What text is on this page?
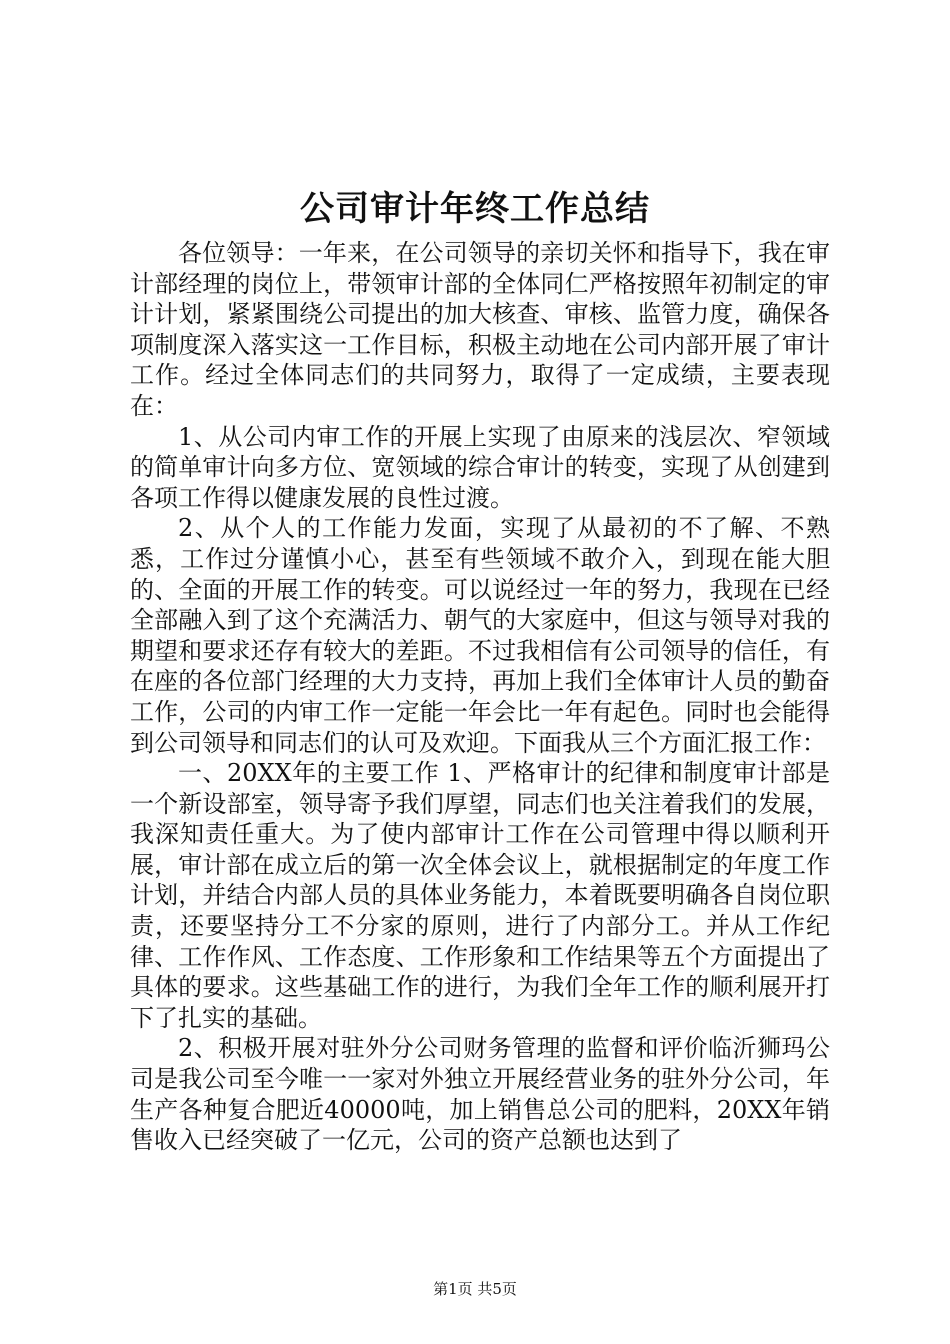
公司审计年终工作总结

各位领导：一年来，在公司领导的亲切关怀和指导下，我在审计部经理的岗位上，带领审计部的全体同仁严格按照年初制定的审计计划，紧紧围绕公司提出的加大核查、审核、监管力度，确保各项制度深入落实这一工作目标，积极主动地在公司内部开展了审计工作。经过全体同志们的共同努力，取得了一定成绩，主要表现在：

1、从公司内审工作的开展上实现了由原来的浅层次、窄领域的简单审计向多方位、宽领域的综合审计的转变，实现了从创建到各项工作得以健康发展的良性过渡。

2、从个人的工作能力发面，实现了从最初的不了解、不熟悉，工作过分谨慎小心，甚至有些领域不敢介入，到现在能大胆的、全面的开展工作的转变。可以说经过一年的努力，我现在已经全部融入到了这个充满活力、朝气的大家庭中，但这与领导对我的期望和要求还存有较大的差距。不过我相信有公司领导的信任，有在座的各位部门经理的大力支持，再加上我们全体审计人员的勤奋工作，公司的内审工作一定能一年会比一年有起色。同时也会能得到公司领导和同志们的认可及欢迎。下面我从三个方面汇报工作：

一、20XX年的主要工作 1、严格审计的纪律和制度审计部是一个新设部室，领导寄予我们厚望，同志们也关注着我们的发展，我深知责任重大。为了使内部审计工作在公司管理中得以顺利开展，审计部在成立后的第一次全体会议上，就根据制定的年度工作计划，并结合内部人员的具体业务能力，本着既要明确各自岗位职责，还要坚持分工不分家的原则，进行了内部分工。并从工作纪律、工作作风、工作态度、工作形象和工作结果等五个方面提出了具体的要求。这些基础工作的进行，为我们全年工作的顺利展开打下了扎实的基础。

2、积极开展对驻外分公司财务管理的监督和评价临沂狮玛公司是我公司至今唯一一家对外独立开展经营业务的驻外分公司，年生产各种复合肥近40000吨，加上销售总公司的肥料，20XX年销售收入已经突破了一亿元，公司的资产总额也达到了

第1页 共5页
